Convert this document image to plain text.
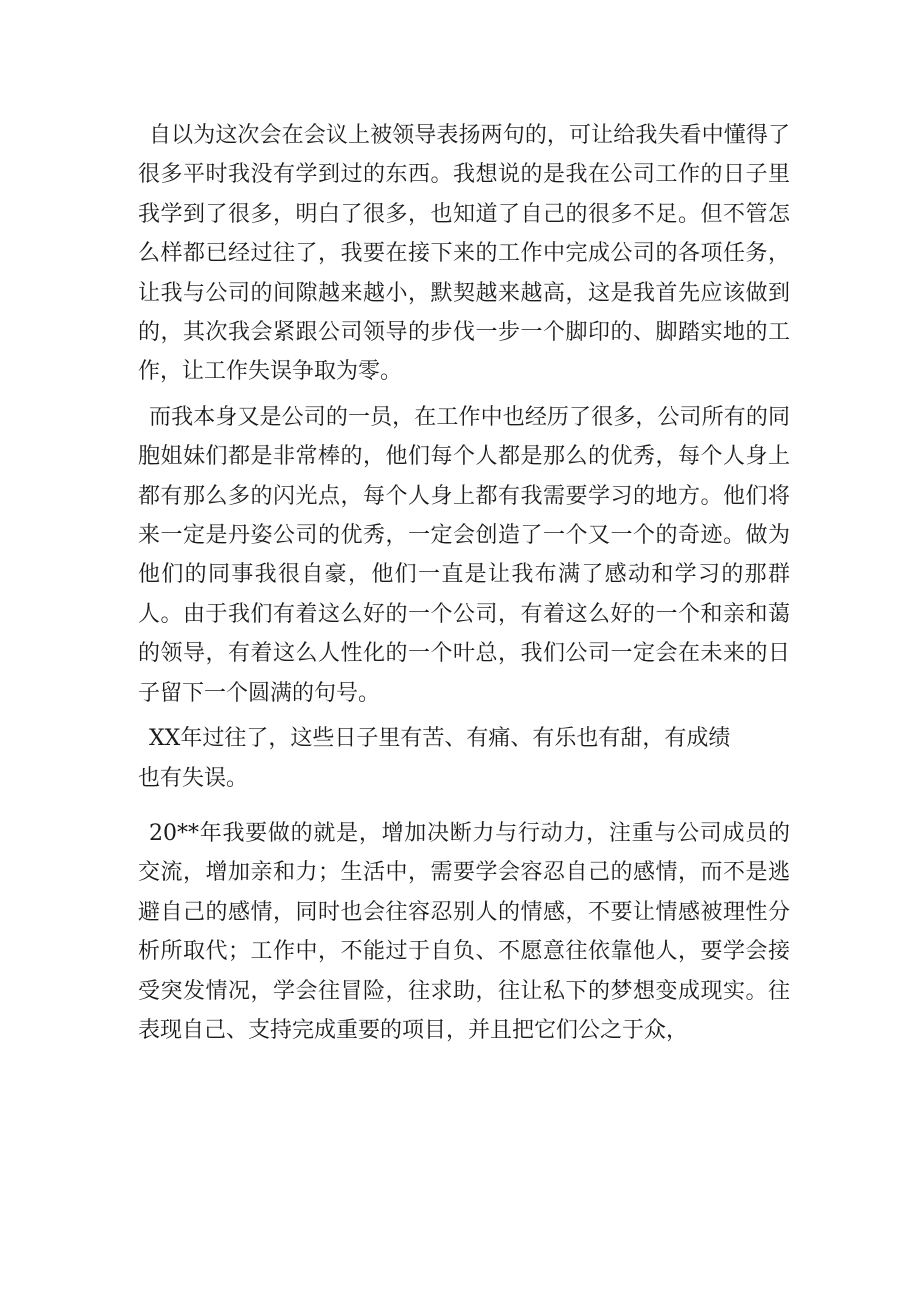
自以为这次会在会议上被领导表扬两句的，可让给我失看中懂得了很多平时我没有学到过的东西。我想说的是我在公司工作的日子里我学到了很多，明白了很多，也知道了自己的很多不足。但不管怎么样都已经过往了，我要在接下来的工作中完成公司的各项任务，让我与公司的间隙越来越小，默契越来越高，这是我首先应该做到的，其次我会紧跟公司领导的步伐一步一个脚印的、脚踏实地的工作，让工作失误争取为零。

而我本身又是公司的一员，在工作中也经历了很多，公司所有的同胞姐妹们都是非常棒的，他们每个人都是那么的优秀，每个人身上都有那么多的闪光点，每个人身上都有我需要学习的地方。他们将来一定是丹姿公司的优秀，一定会创造了一个又一个的奇迹。做为他们的同事我很自豪，他们一直是让我布满了感动和学习的那群人。由于我们有着这么好的一个公司，有着这么好的一个和亲和蔼的领导，有着这么人性化的一个叶总，我们公司一定会在未来的日子留下一个圆满的句号。

XX年过往了，这些日子里有苦、有痛、有乐也有甜，有成绩也有失误。

20**年我要做的就是，增加决断力与行动力，注重与公司成员的交流，增加亲和力；生活中，需要学会容忍自己的感情，而不是逃避自己的感情，同时也会往容忍别人的情感，不要让情感被理性分析所取代；工作中，不能过于自负、不愿意往依靠他人，要学会接受突发情况，学会往冒险，往求助，往让私下的梦想变成现实。往表现自己、支持完成重要的项目，并且把它们公之于众，
